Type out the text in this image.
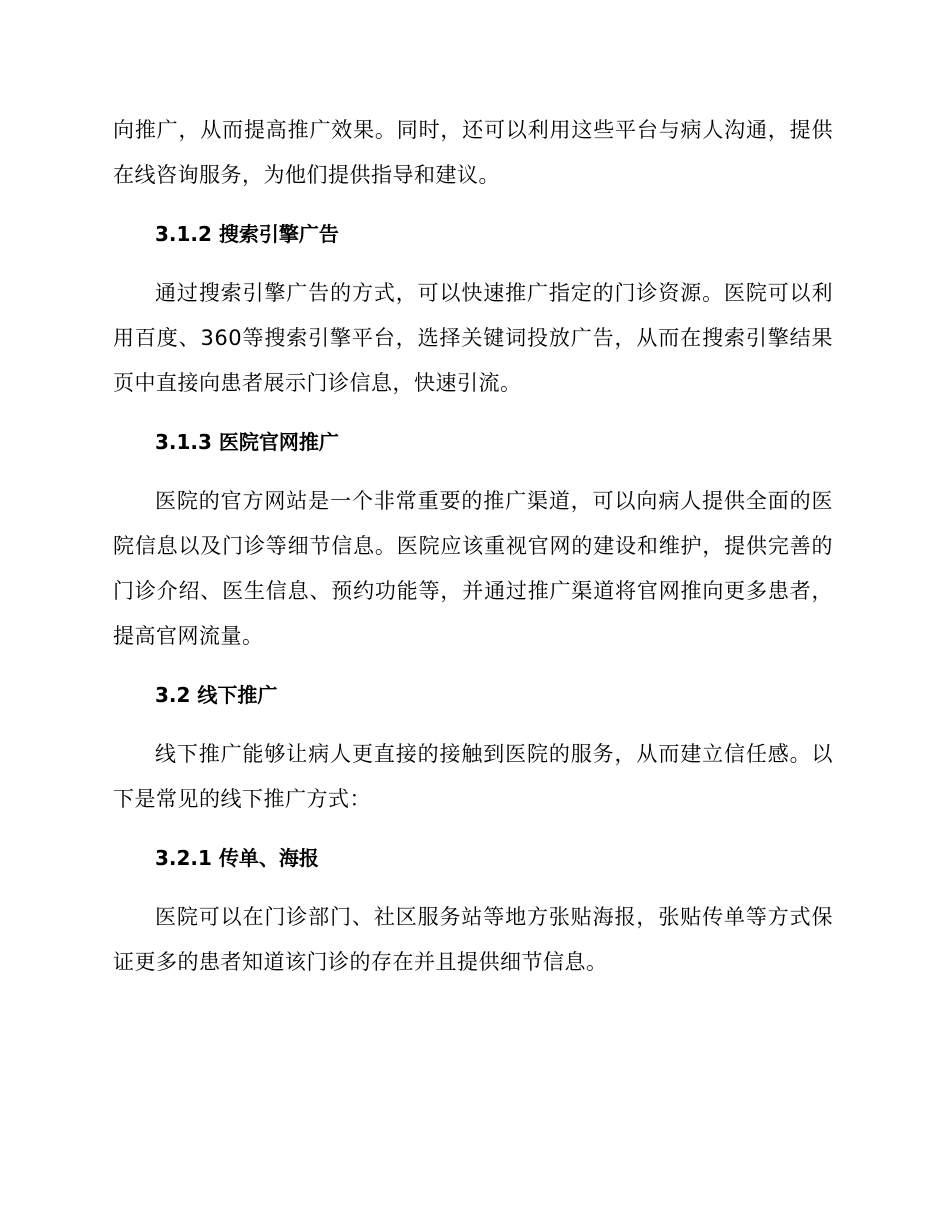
向推广，从而提高推广效果。同时，还可以利用这些平台与病人沟通，提供在线咨询服务，为他们提供指导和建议。

3.1.2 搜索引擎广告

通过搜索引擎广告的方式，可以快速推广指定的门诊资源。医院可以利用百度、360等搜索引擎平台，选择关键词投放广告，从而在搜索引擎结果页中直接向患者展示门诊信息，快速引流。

3.1.3 医院官网推广

医院的官方网站是一个非常重要的推广渠道，可以向病人提供全面的医院信息以及门诊等细节信息。医院应该重视官网的建设和维护，提供完善的门诊介绍、医生信息、预约功能等，并通过推广渠道将官网推向更多患者，提高官网流量。

3.2 线下推广

线下推广能够让病人更直接的接触到医院的服务，从而建立信任感。以下是常见的线下推广方式：

3.2.1 传单、海报

医院可以在门诊部门、社区服务站等地方张贴海报，张贴传单等方式保证更多的患者知道该门诊的存在并且提供细节信息。
